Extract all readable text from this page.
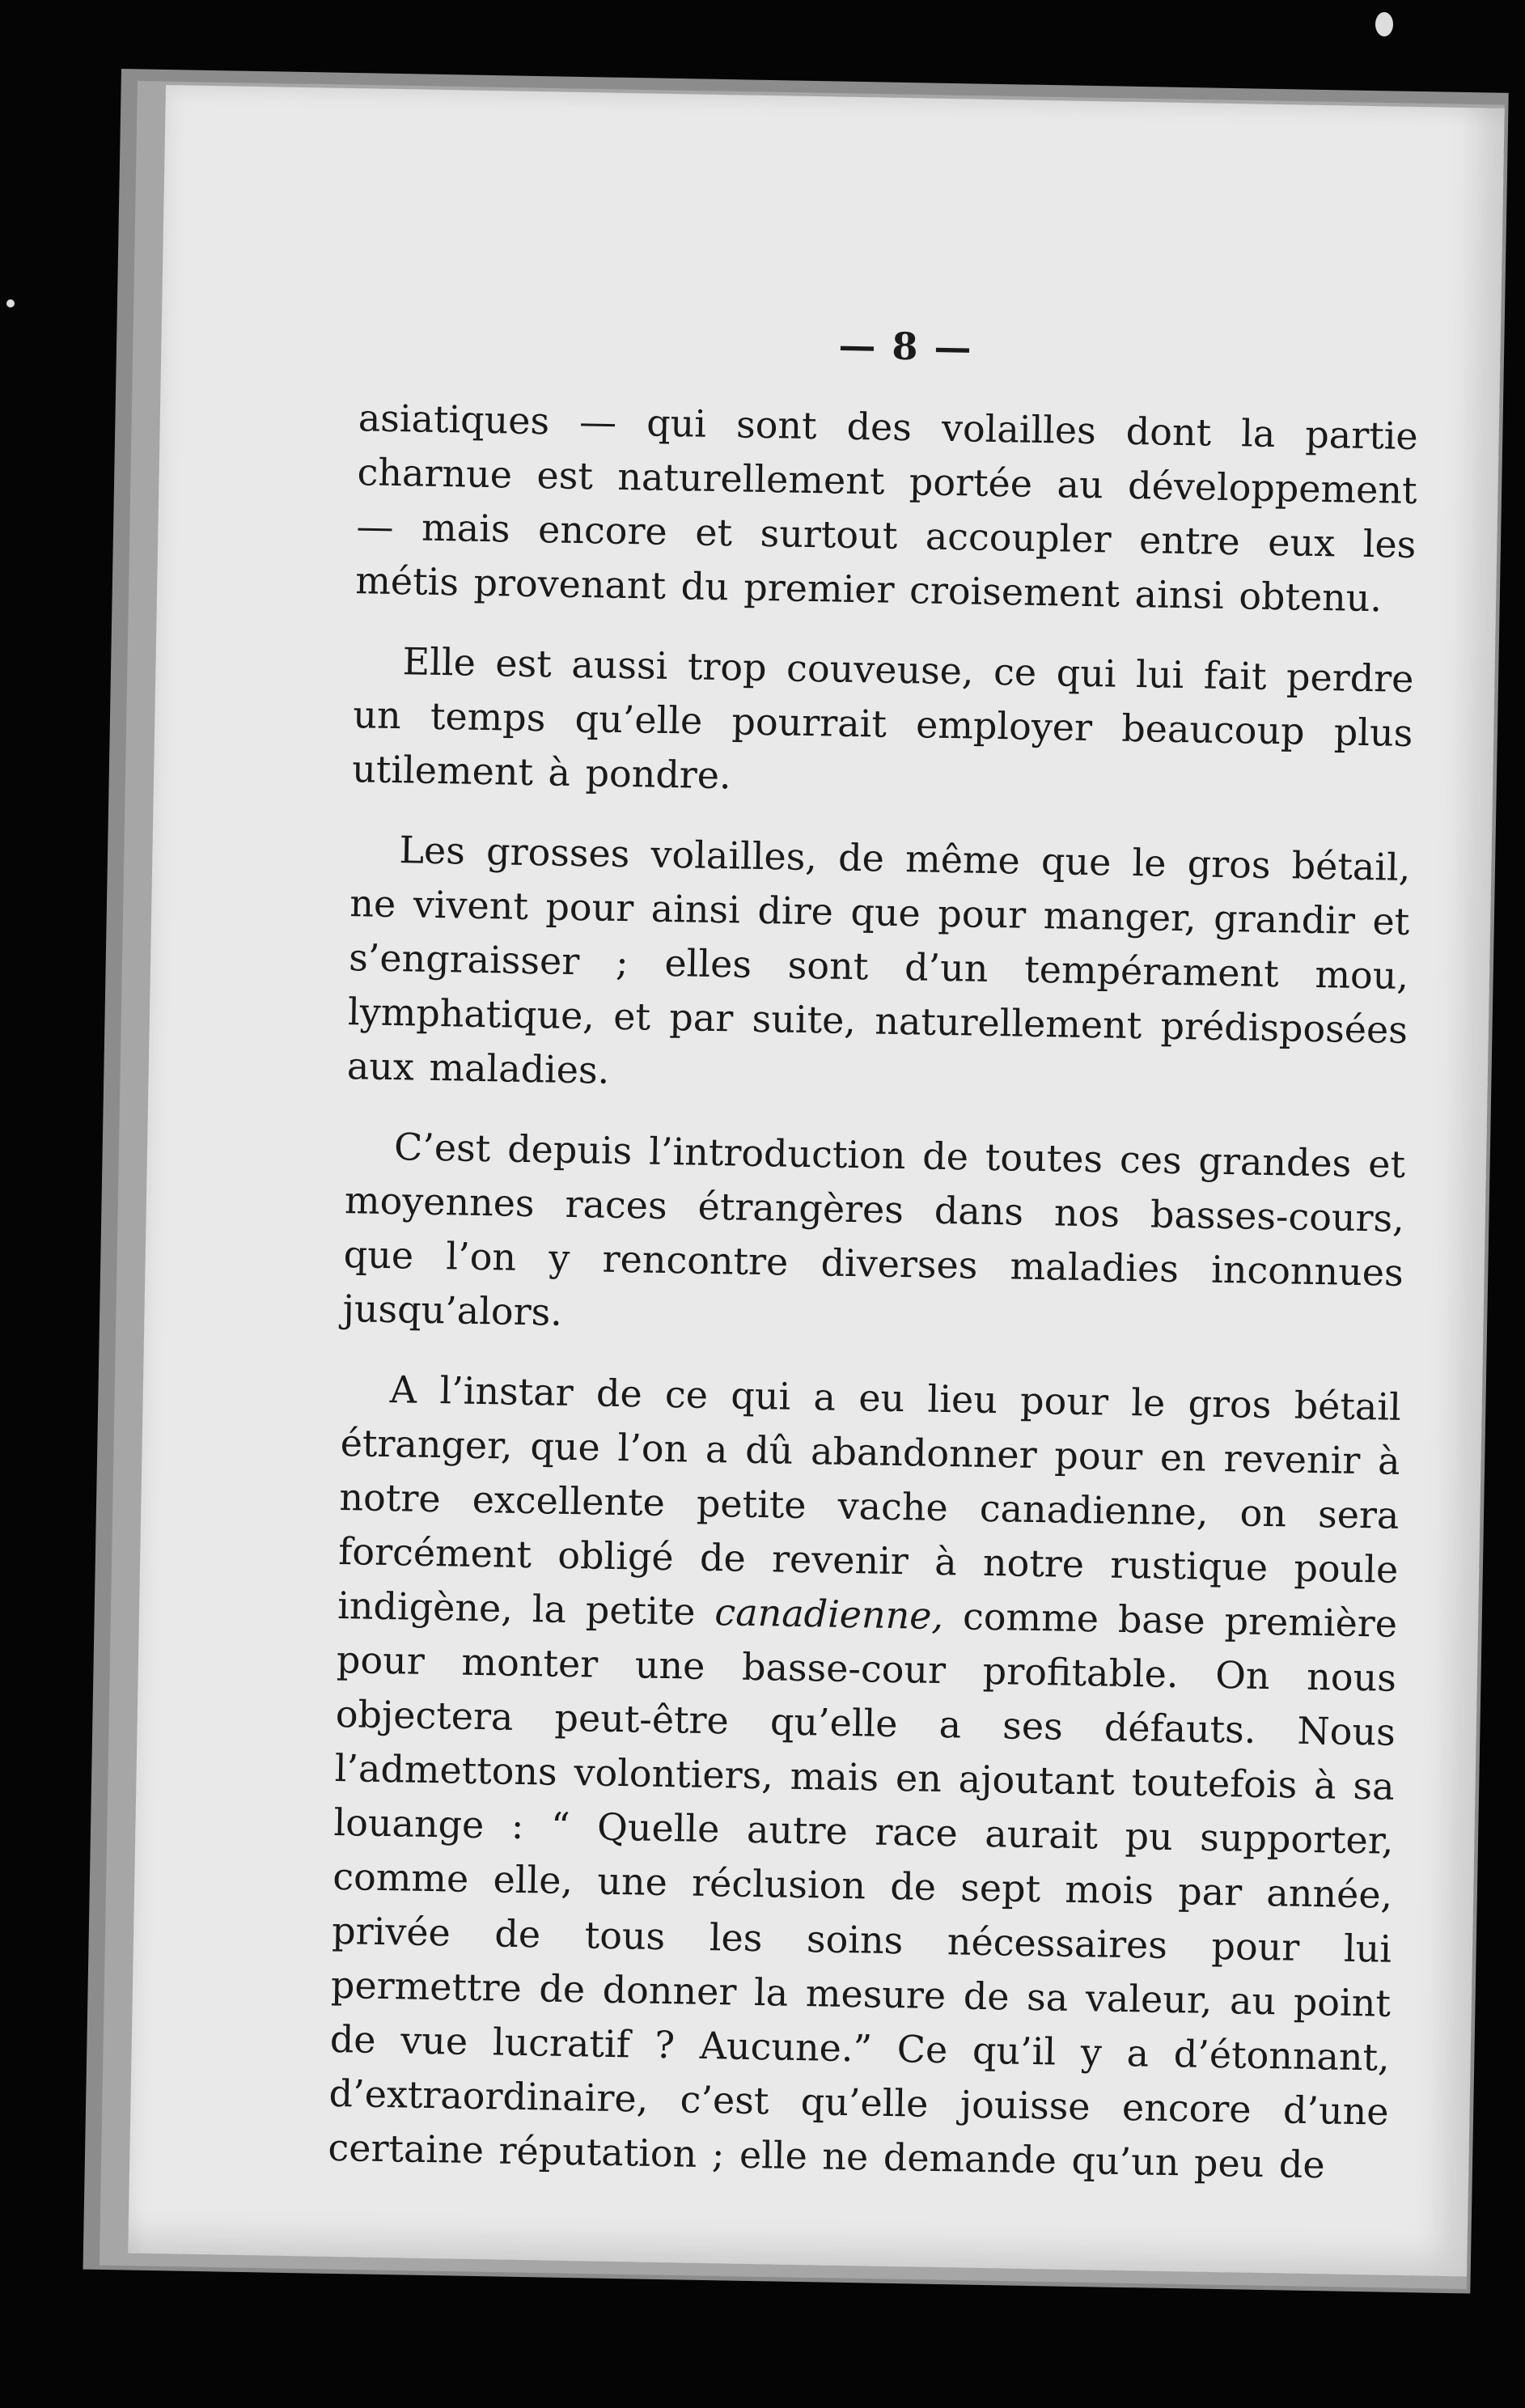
— 8 —

asiatiques — qui sont des volailles dont la partie charnue est naturellement portée au développement — mais encore et surtout accoupler entre eux les métis provenant du premier croisement ainsi obtenu.

Elle est aussi trop couveuse, ce qui lui fait perdre un temps qu’elle pourrait employer beaucoup plus utilement à pondre.

Les grosses volailles, de même que le gros bétail, ne vivent pour ainsi dire que pour manger, grandir et s’engraisser ; elles sont d’un tempérament mou, lymphatique, et par suite, naturellement prédisposées aux maladies.

C’est depuis l’introduction de toutes ces grandes et moyennes races étrangères dans nos basses-cours, que l’on y rencontre diverses maladies inconnues jusqu’alors.

A l’instar de ce qui a eu lieu pour le gros bétail étranger, que l’on a dû abandonner pour en revenir à notre excellente petite vache canadienne, on sera forcément obligé de revenir à notre rustique poule indigène, la petite canadienne, comme base première pour monter une basse-cour profitable. On nous objectera peut-être qu’elle a ses défauts. Nous l’admettons volontiers, mais en ajoutant toutefois à sa louange : “ Quelle autre race aurait pu supporter, comme elle, une réclusion de sept mois par année, privée de tous les soins nécessaires pour lui permettre de donner la mesure de sa valeur, au point de vue lucratif ? Aucune.” Ce qu’il y a d’étonnant, d’extraordinaire, c’est qu’elle jouisse encore d’une certaine réputation ; elle ne demande qu’un peu de
